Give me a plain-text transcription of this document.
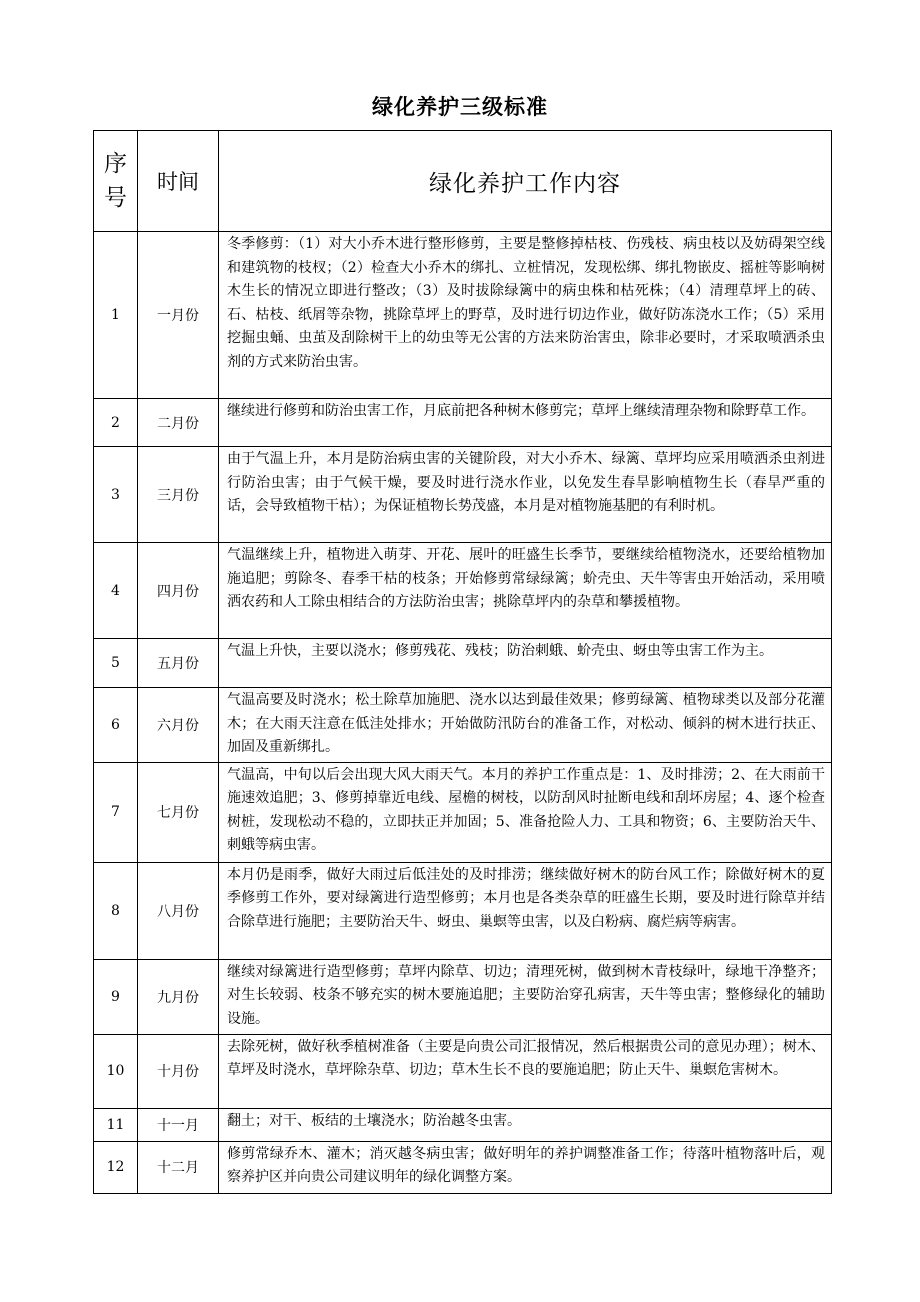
绿化养护三级标准
序
号	时间	绿化养护工作内容
1	一月份	冬季修剪：（1）对大小乔木进行整形修剪，主要是整修掉枯枝、伤残枝、病虫枝以及妨碍架空线和建筑物的枝杈；（2）检查大小乔木的绑扎、立桩情况，发现松绑、绑扎物嵌皮、摇桩等影响树木生长的情况立即进行整改；（3）及时拔除绿篱中的病虫株和枯死株；（4）清理草坪上的砖、石、枯枝、纸屑等杂物，挑除草坪上的野草，及时进行切边作业，做好防冻浇水工作；（5）采用挖掘虫蛹、虫茧及刮除树干上的幼虫等无公害的方法来防治害虫，除非必要时，才采取喷洒杀虫剂的方式来防治虫害。
2	二月份	继续进行修剪和防治虫害工作，月底前把各种树木修剪完；草坪上继续清理杂物和除野草工作。
3	三月份	由于气温上升，本月是防治病虫害的关键阶段，对大小乔木、绿篱、草坪均应采用喷洒杀虫剂进行防治虫害；由于气候干燥，要及时进行浇水作业，以免发生春旱影响植物生长（春旱严重的话，会导致植物干枯）；为保证植物长势茂盛，本月是对植物施基肥的有利时机。
4	四月份	气温继续上升，植物进入萌芽、开花、展叶的旺盛生长季节，要继续给植物浇水，还要给植物加施追肥；剪除冬、春季干枯的枝条；开始修剪常绿绿篱；蚧壳虫、天牛等害虫开始活动，采用喷洒农药和人工除虫相结合的方法防治虫害；挑除草坪内的杂草和攀援植物。
5	五月份	气温上升快，主要以浇水；修剪残花、残枝；防治刺蛾、蚧壳虫、蚜虫等虫害工作为主。
6	六月份	气温高要及时浇水；松土除草加施肥、浇水以达到最佳效果；修剪绿篱、植物球类以及部分花灌木；在大雨天注意在低洼处排水；开始做防汛防台的准备工作，对松动、倾斜的树木进行扶正、加固及重新绑扎。
7	七月份	气温高，中旬以后会出现大风大雨天气。本月的养护工作重点是：1、及时排涝；2、在大雨前干施速效追肥；3、修剪掉靠近电线、屋檐的树枝，以防刮风时扯断电线和刮坏房屋；4、逐个检查树桩，发现松动不稳的，立即扶正并加固；5、准备抢险人力、工具和物资；6、主要防治天牛、刺蛾等病虫害。
8	八月份	本月仍是雨季，做好大雨过后低洼处的及时排涝；继续做好树木的防台风工作；除做好树木的夏季修剪工作外，要对绿篱进行造型修剪；本月也是各类杂草的旺盛生长期，要及时进行除草并结合除草进行施肥；主要防治天牛、蚜虫、巢螟等虫害，以及白粉病、腐烂病等病害。
9	九月份	继续对绿篱进行造型修剪；草坪内除草、切边；清理死树，做到树木青枝绿叶，绿地干净整齐；对生长较弱、枝条不够充实的树木要施追肥；主要防治穿孔病害，天牛等虫害；整修绿化的辅助设施。
10	十月份	去除死树，做好秋季植树准备（主要是向贵公司汇报情况，然后根据贵公司的意见办理）；树木、草坪及时浇水，草坪除杂草、切边；草木生长不良的要施追肥；防止天牛、巢螟危害树木。
11	十一月	翻土；对干、板结的土壤浇水；防治越冬虫害。
12	十二月	修剪常绿乔木、灌木；消灭越冬病虫害；做好明年的养护调整准备工作；待落叶植物落叶后，观察养护区并向贵公司建议明年的绿化调整方案。
